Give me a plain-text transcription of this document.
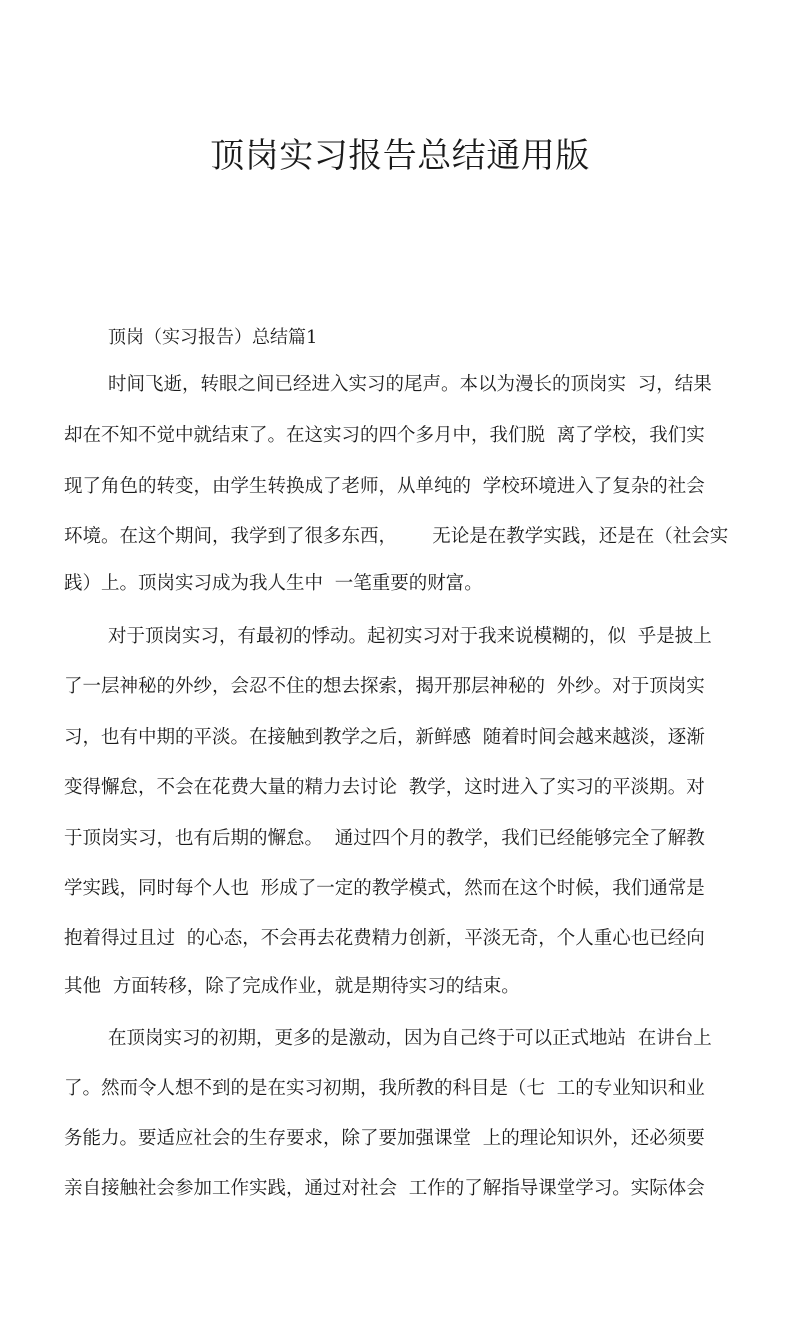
顶岗实习报告总结通用版

顶岗（实习报告）总结篇1

时间飞逝，转眼之间已经进入实习的尾声。本以为漫长的顶岗实  习，结果

却在不知不觉中就结束了。在这实习的四个多月中，我们脱  离了学校，我们实

现了角色的转变，由学生转换成了老师，从单纯的  学校环境进入了复杂的社会

环境。在这个期间，我学到了很多东西，      无论是在教学实践，还是在（社会实

践）上。顶岗实习成为我人生中  一笔重要的财富。

对于顶岗实习，有最初的悸动。起初实习对于我来说模糊的，似  乎是披上

了一层神秘的外纱，会忍不住的想去探索，揭开那层神秘的  外纱。对于顶岗实

习，也有中期的平淡。在接触到教学之后，新鲜感  随着时间会越来越淡，逐渐

变得懈怠，不会在花费大量的精力去讨论  教学，这时进入了实习的平淡期。对

于顶岗实习，也有后期的懈怠。  通过四个月的教学，我们已经能够完全了解教

学实践，同时每个人也  形成了一定的教学模式，然而在这个时候，我们通常是

抱着得过且过  的心态，不会再去花费精力创新，平淡无奇，个人重心也已经向

其他  方面转移，除了完成作业，就是期待实习的结束。

在顶岗实习的初期，更多的是激动，因为自己终于可以正式地站  在讲台上

了。然而令人想不到的是在实习初期，我所教的科目是（七  工的专业知识和业

务能力。要适应社会的生存要求，除了要加强课堂  上的理论知识外，还必须要

亲自接触社会参加工作实践，通过对社会  工作的了解指导课堂学习。实际体会
